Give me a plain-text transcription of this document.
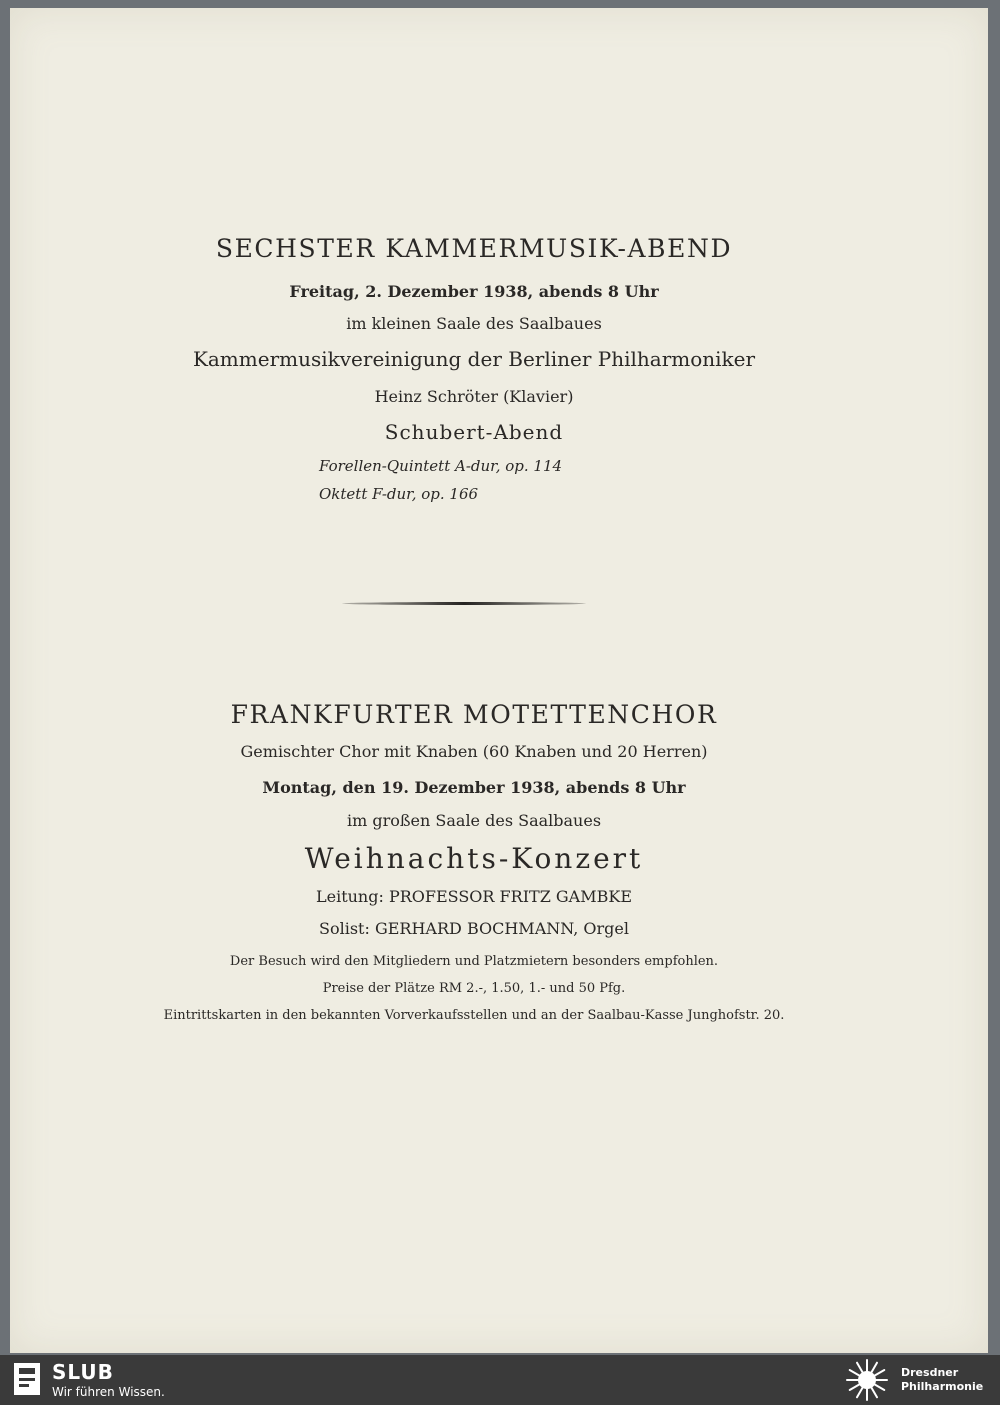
SECHSTER KAMMERMUSIK-ABEND
Freitag, 2. Dezember 1938, abends 8 Uhr
im kleinen Saale des Saalbaues
Kammermusikvereinigung der Berliner Philharmoniker
Heinz Schröter (Klavier)
Schubert-Abend
Forellen-Quintett A-dur, op. 114
Oktett F-dur, op. 166
FRANKFURTER MOTETTENCHOR
Gemischter Chor mit Knaben (60 Knaben und 20 Herren)
Montag, den 19. Dezember 1938, abends 8 Uhr
im großen Saale des Saalbaues
Weihnachts-Konzert
Leitung: PROFESSOR FRITZ GAMBKE
Solist: GERHARD BOCHMANN, Orgel
Der Besuch wird den Mitgliedern und Platzmietern besonders empfohlen.
Preise der Plätze RM 2.-, 1.50, 1.- und 50 Pfg.
Eintrittskarten in den bekannten Vorverkaufsstellen und an der Saalbau-Kasse Junghofstr. 20.
SLUB
Wir führen Wissen.
Dresdner
Philharmonie
